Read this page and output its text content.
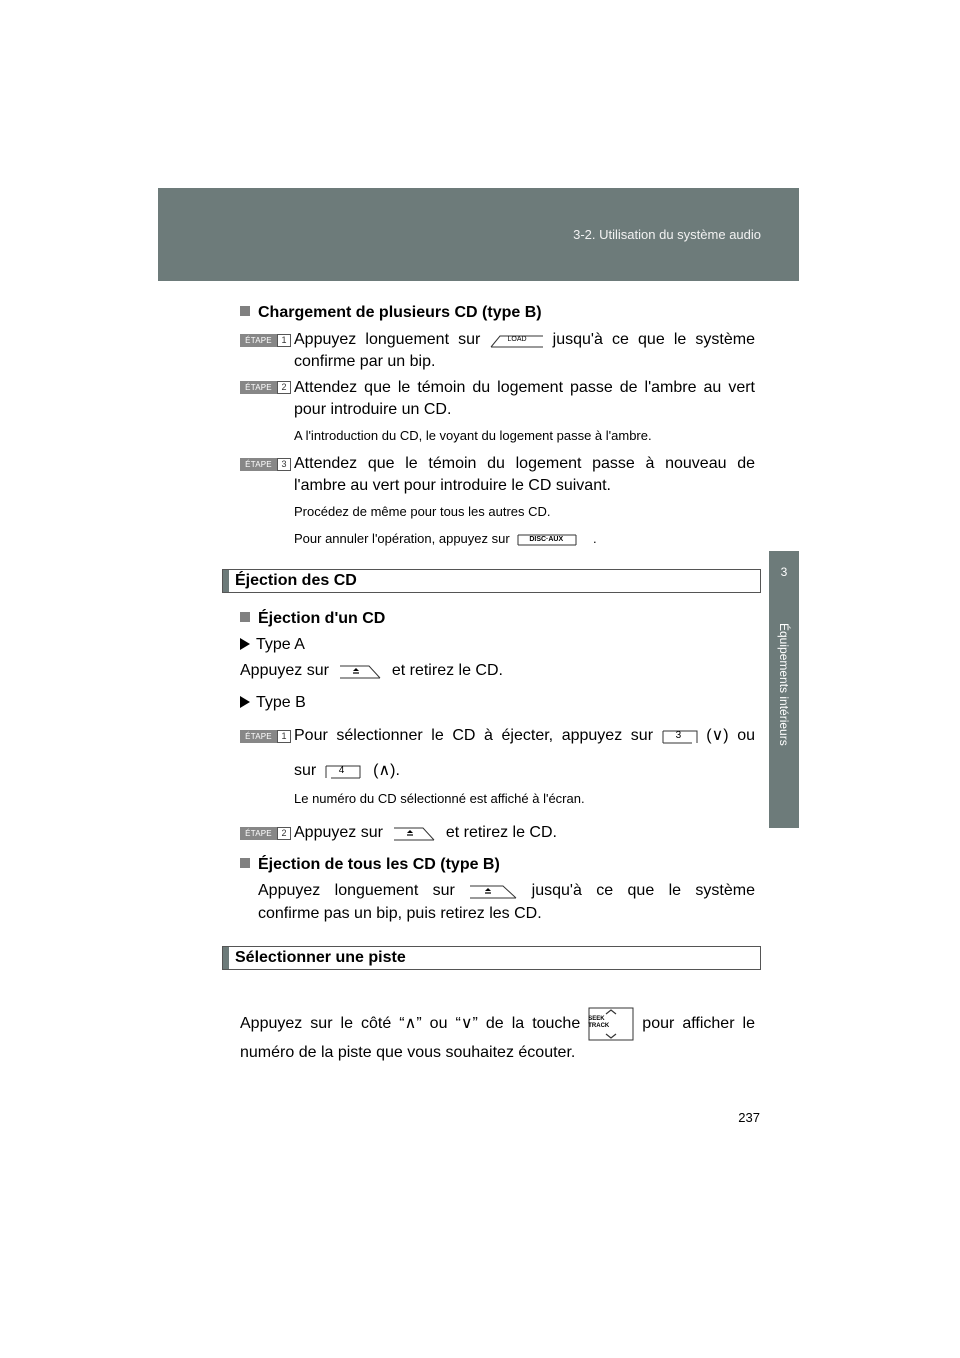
3-2. Utilisation du système audio
3
Équipements intérieurs
Chargement de plusieurs CD (type B)
ÉTAPE	1 Appuyez longuement sur	LOAD jusqu'à ce que le système
confirme par un bip.
ÉTAPE	2 Attendez que le témoin du logement passe de l'ambre au vert
pour introduire un CD.
A l'introduction du CD, le voyant du logement passe à l'ambre.
ÉTAPE	3 Attendez que le témoin du logement passe à nouveau de
l'ambre au vert pour introduire le CD suivant.
Procédez de même pour tous les autres CD.
Pour annuler l'opération, appuyez sur	DISC·AUX .
Éjection des CD
Éjection d'un CD
Type A
Appuyez sur	et retirez le CD.
Type B
ÉTAPE	1 Pour sélectionner le CD à éjecter, appuyez sur 3 (∨) ou
sur 4 (∧).
Le numéro du CD sélectionné est affiché à l'écran.
ÉTAPE	2 Appuyez sur	et retirez le CD.
Éjection de tous les CD (type B)
Appuyez longuement sur	jusqu'à ce que le système
confirme pas un bip, puis retirez les CD.
Sélectionner une piste
Appuyez sur le côté “∧” ou “∨” de la touche SEEK
TRACK	pour afficher le
numéro de la piste que vous souhaitez écouter.
237
